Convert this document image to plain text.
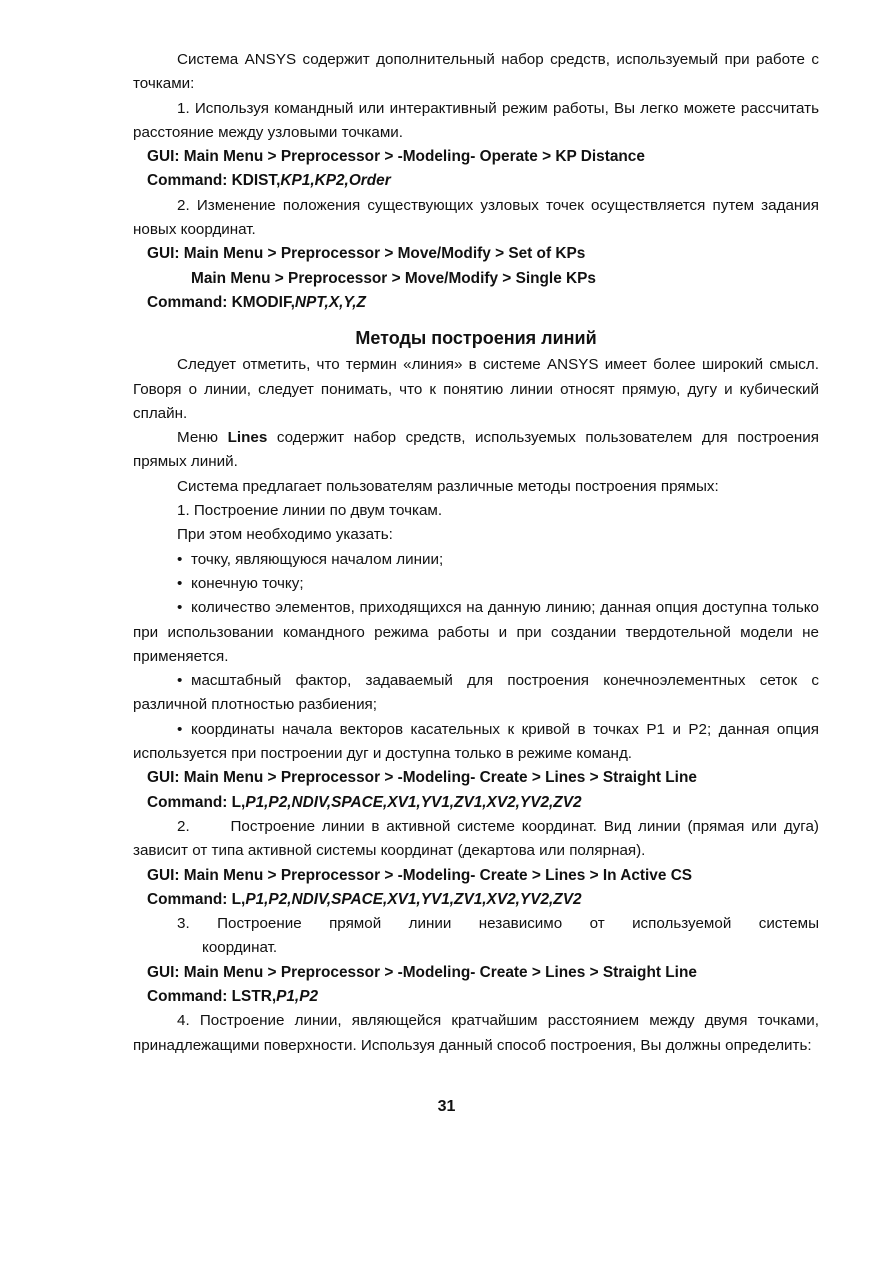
Система ANSYS содержит дополнительный набор средств, используемый при работе с точками:

1. Используя командный или интерактивный режим работы, Вы легко можете рассчитать расстояние между узловыми точками.

GUI: Main Menu > Preprocessor > -Modeling- Operate > KP Distance

Command: KDIST,KP1,KP2,Order

2. Изменение положения существующих узловых точек осуществляется путем задания новых координат.

GUI: Main Menu > Preprocessor > Move/Modify > Set of KPs

Main Menu > Preprocessor > Move/Modify > Single KPs

Command: KMODIF,NPT,X,Y,Z

Методы построения линий

Следует отметить, что термин «линия» в системе ANSYS имеет более широкий смысл. Говоря о линии, следует понимать, что к понятию линии относят прямую, дугу и кубический сплайн.

Меню Lines содержит набор средств, используемых пользователем для построения прямых линий.

Система предлагает пользователям различные методы построения прямых:

1. Построение линии по двум точкам.

При этом необходимо указать:

• точку, являющуюся началом линии;

• конечную точку;

• количество элементов, приходящихся на данную линию; данная опция доступна только при использовании командного режима работы и при создании твердотельной модели не применяется.

• масштабный фактор, задаваемый для построения конечноэлементных сеток с различной плотностью разбиения;

• координаты начала векторов касательных к кривой в точках P1 и P2; данная опция используется при построении дуг и доступна только в режиме команд.

GUI: Main Menu > Preprocessor > -Modeling- Create > Lines > Straight Line

Command: L,P1,P2,NDIV,SPACE,XV1,YV1,ZV1,XV2,YV2,ZV2

2.      Построение линии в активной системе координат. Вид линии (прямая или дуга) зависит от типа активной системы координат (декартова или полярная).

GUI: Main Menu > Preprocessor > -Modeling- Create > Lines > In Active CS

Command: L,P1,P2,NDIV,SPACE,XV1,YV1,ZV1,XV2,YV2,ZV2

3. Построение прямой линии независимо от используемой системы
координат.

GUI: Main Menu > Preprocessor > -Modeling- Create > Lines > Straight Line

Command: LSTR,P1,P2

4. Построение линии, являющейся кратчайшим расстоянием между двумя точками, принадлежащими поверхности. Используя данный способ построения, Вы должны определить:

31
